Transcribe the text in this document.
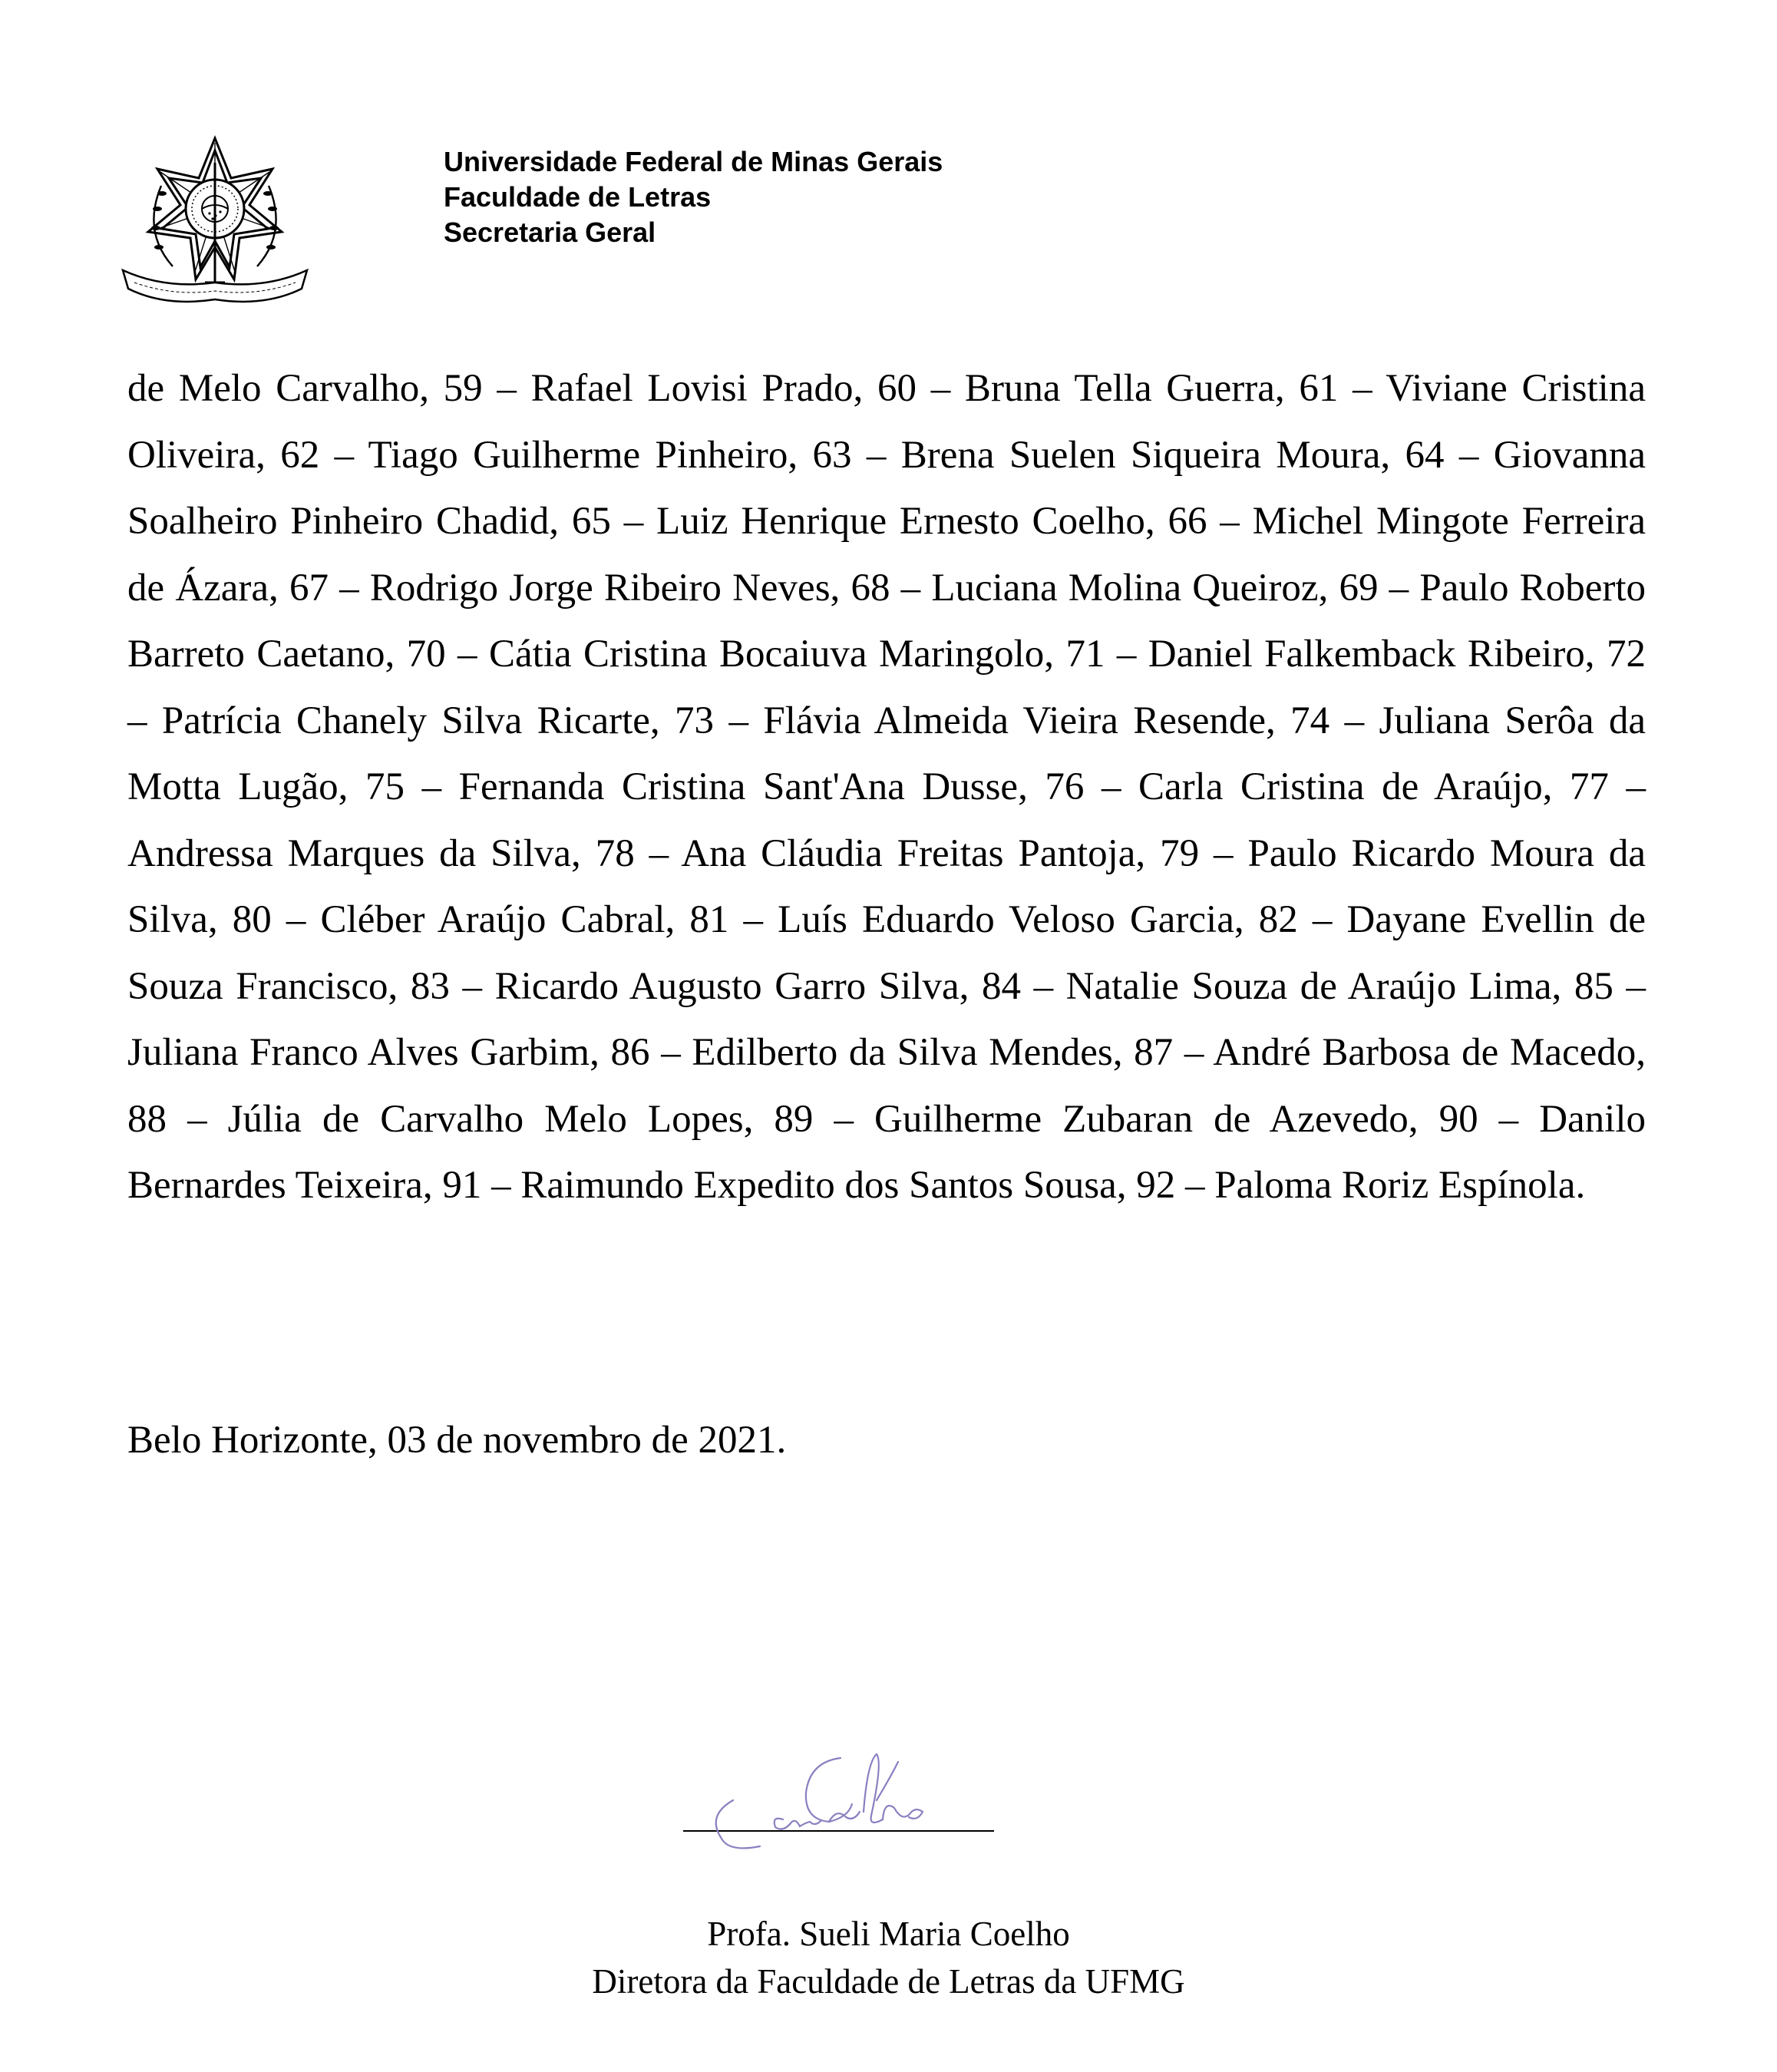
Universidade Federal de Minas Gerais
Faculdade de Letras
Secretaria Geral
de Melo Carvalho, 59 – Rafael Lovisi Prado, 60 – Bruna Tella Guerra, 61 – Viviane Cristina Oliveira, 62 – Tiago Guilherme Pinheiro, 63 – Brena Suelen Siqueira Moura, 64 – Giovanna Soalheiro Pinheiro Chadid, 65 – Luiz Henrique Ernesto Coelho, 66 – Michel Mingote Ferreira de Ázara, 67 – Rodrigo Jorge Ribeiro Neves, 68 – Luciana Molina Queiroz, 69 – Paulo Roberto Barreto Caetano, 70 – Cátia Cristina Bocaiuva Maringolo, 71 – Daniel Falkemback Ribeiro, 72 – Patrícia Chanely Silva Ricarte, 73 – Flávia Almeida Vieira Resende, 74 – Juliana Serôa da Motta Lugão, 75 – Fernanda Cristina Sant'Ana Dusse, 76 – Carla Cristina de Araújo, 77 – Andressa Marques da Silva, 78 – Ana Cláudia Freitas Pantoja, 79 – Paulo Ricardo Moura da Silva, 80 – Cléber Araújo Cabral, 81 – Luís Eduardo Veloso Garcia, 82 – Dayane Evellin de Souza Francisco, 83 – Ricardo Augusto Garro Silva, 84 – Natalie Souza de Araújo Lima, 85 – Juliana Franco Alves Garbim, 86 – Edilberto da Silva Mendes, 87 – André Barbosa de Macedo, 88 – Júlia de Carvalho Melo Lopes, 89 – Guilherme Zubaran de Azevedo, 90 – Danilo Bernardes Teixeira, 91 – Raimundo Expedito dos Santos Sousa, 92 – Paloma Roriz Espínola.
Belo Horizonte, 03 de novembro de 2021.
Profa. Sueli Maria Coelho
Diretora da Faculdade de Letras da UFMG
